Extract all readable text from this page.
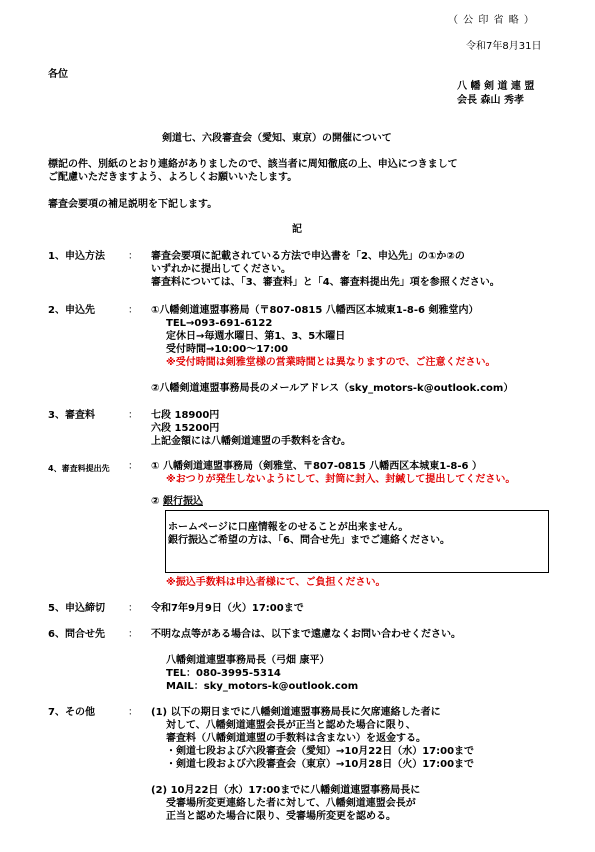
（ 公 印 省 略 ）
令和7年8月31日
各位
八 幡 剣 道 連 盟
会長 森山 秀孝
剣道七、六段審査会（愛知、東京）の開催について
標記の件、別紙のとおり連絡がありましたので、該当者に周知徹底の上、申込につきまして
ご配慮いただきますよう、よろしくお願いいたします。
審査会要項の補足説明を下記します。
記
1、申込方法 ： 審査会要項に記載されている方法で申込書を「2、申込先」の①か②の
いずれかに提出してください。
審査料については、「3、審査料」と「4、審査料提出先」項を参照ください。
2、申込先	： ①八幡剣道連盟事務局（〒807-0815 八幡西区本城東1-8-6 剣雅堂内）
TEL→093-691-6122
定休日→毎週水曜日、第1、3、5木曜日
受付時間→10:00～17:00
※受付時間は剣雅堂様の営業時間とは異なりますので、ご注意ください。
②八幡剣道連盟事務局長のメールアドレス（sky_motors-k@outlook.com）
3、審査料	： 七段 18900円
六段 15200円
上記金額には八幡剣道連盟の手数料を含む。
4、審査料提出先 ： ① 八幡剣道連盟事務局（剣雅堂、〒807-0815 八幡西区本城東1-8-6 ）
※おつりが発生しないようにして、封筒に封入、封緘して提出してください。
② 銀行振込
ホームページに口座情報をのせることが出来ません。
銀行振込ご希望の方は、「6、問合せ先」までご連絡ください。
※振込手数料は申込者様にて、ご負担ください。
5、申込締切 ： 令和7年9月9日（火）17:00まで
6、問合せ先 ： 不明な点等がある場合は、以下まで遠慮なくお問い合わせください。
八幡剣道連盟事務局長（弓畑 康平）
TEL：080-3995-5314
MAIL：sky_motors-k@outlook.com
7、その他	： (1) 以下の期日までに八幡剣道連盟事務局長に欠席連絡した者に
対して、八幡剣道連盟会長が正当と認めた場合に限り、
審査料（八幡剣道連盟の手数料は含まない）を返金する。
・剣道七段および六段審査会（愛知）→10月22日（水）17:00まで
・剣道七段および六段審査会（東京）→10月28日（火）17:00まで
(2) 10月22日（水）17:00までに八幡剣道連盟事務局長に
受審場所変更連絡した者に対して、八幡剣道連盟会長が
正当と認めた場合に限り、受審場所変更を認める。
